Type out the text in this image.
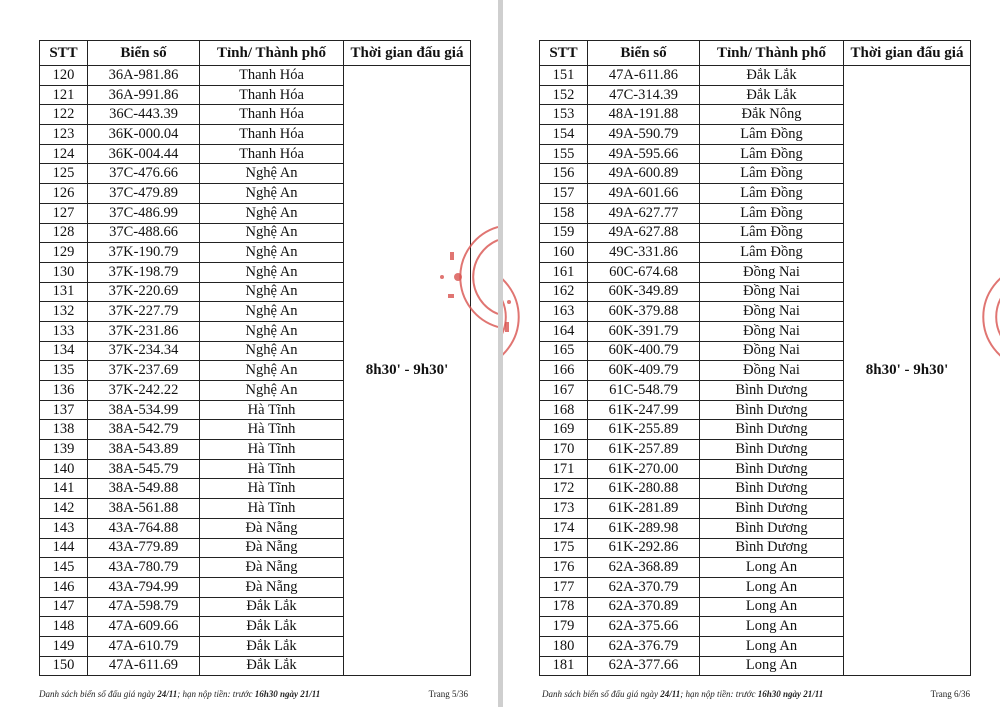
STT	Biển số	Tỉnh/ Thành phố	Thời gian đấu giá
120	36A-981.86	Thanh Hóa	8h30' - 9h30'
121	36A-991.86	Thanh Hóa	
122	36C-443.39	Thanh Hóa	
123	36K-000.04	Thanh Hóa	
124	36K-004.44	Thanh Hóa	
125	37C-476.66	Nghệ An	
126	37C-479.89	Nghệ An	
127	37C-486.99	Nghệ An	
128	37C-488.66	Nghệ An	
129	37K-190.79	Nghệ An	
130	37K-198.79	Nghệ An	
131	37K-220.69	Nghệ An	
132	37K-227.79	Nghệ An	
133	37K-231.86	Nghệ An	
134	37K-234.34	Nghệ An	
135	37K-237.69	Nghệ An	
136	37K-242.22	Nghệ An	
137	38A-534.99	Hà Tĩnh	
138	38A-542.79	Hà Tĩnh	
139	38A-543.89	Hà Tĩnh	
140	38A-545.79	Hà Tĩnh	
141	38A-549.88	Hà Tĩnh	
142	38A-561.88	Hà Tĩnh	
143	43A-764.88	Đà Nẵng	
144	43A-779.89	Đà Nẵng	
145	43A-780.79	Đà Nẵng	
146	43A-794.99	Đà Nẵng	
147	47A-598.79	Đắk Lắk	
148	47A-609.66	Đắk Lắk	
149	47A-610.79	Đắk Lắk	
150	47A-611.69	Đắk Lắk	
Danh sách biển số đấu giá ngày 24/11; hạn nộp tiền: trước 16h30 ngày 21/11	Trang 5/36
STT	Biển số	Tỉnh/ Thành phố	Thời gian đấu giá
151	47A-611.86	Đắk Lắk	8h30' - 9h30'
152	47C-314.39	Đắk Lắk	
153	48A-191.88	Đắk Nông	
154	49A-590.79	Lâm Đồng	
155	49A-595.66	Lâm Đồng	
156	49A-600.89	Lâm Đồng	
157	49A-601.66	Lâm Đồng	
158	49A-627.77	Lâm Đồng	
159	49A-627.88	Lâm Đồng	
160	49C-331.86	Lâm Đồng	
161	60C-674.68	Đồng Nai	
162	60K-349.89	Đồng Nai	
163	60K-379.88	Đồng Nai	
164	60K-391.79	Đồng Nai	
165	60K-400.79	Đồng Nai	
166	60K-409.79	Đồng Nai	
167	61C-548.79	Bình Dương	
168	61K-247.99	Bình Dương	
169	61K-255.89	Bình Dương	
170	61K-257.89	Bình Dương	
171	61K-270.00	Bình Dương	
172	61K-280.88	Bình Dương	
173	61K-281.89	Bình Dương	
174	61K-289.98	Bình Dương	
175	61K-292.86	Bình Dương	
176	62A-368.89	Long An	
177	62A-370.79	Long An	
178	62A-370.89	Long An	
179	62A-375.66	Long An	
180	62A-376.79	Long An	
181	62A-377.66	Long An	
Danh sách biển số đấu giá ngày 24/11; hạn nộp tiền: trước 16h30 ngày 21/11	Trang 6/36
